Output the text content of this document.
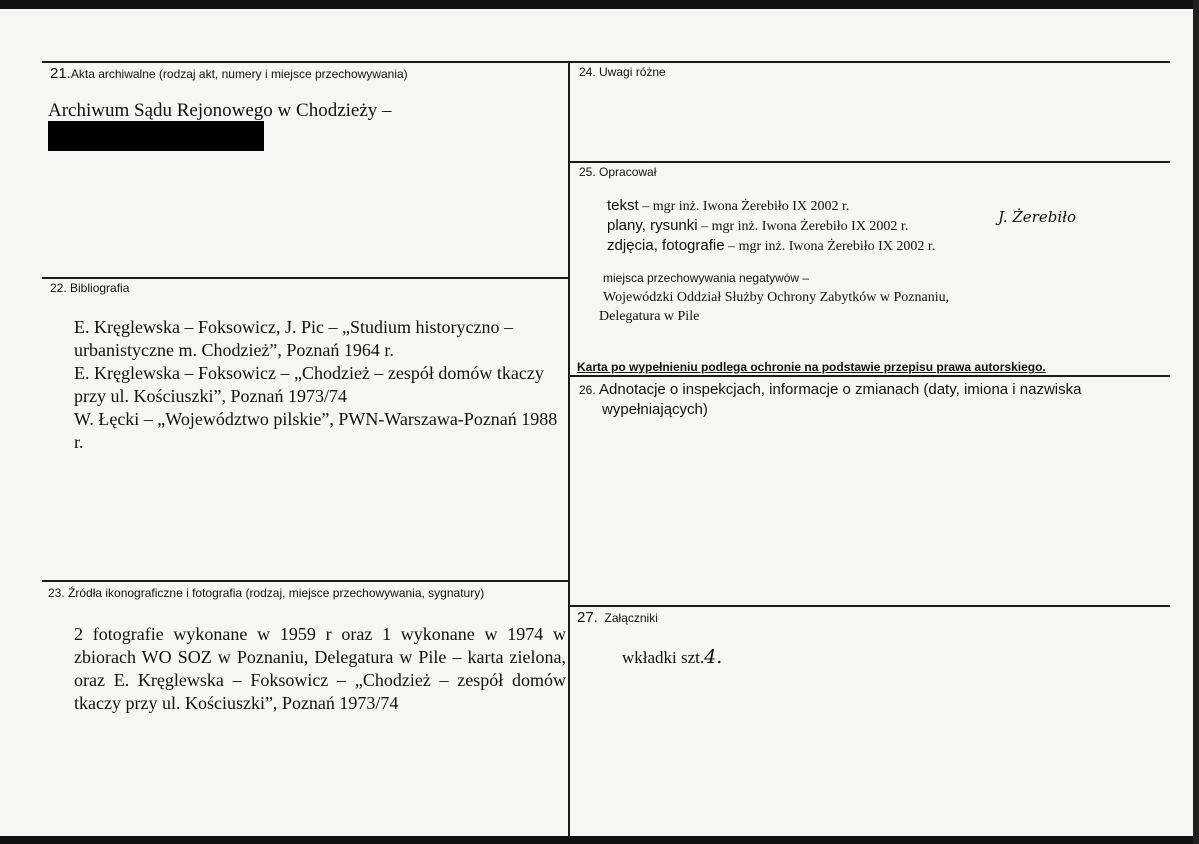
21.Akta archiwalne (rodzaj akt, numery i miejsce przechowywania)
Archiwum Sądu Rejonowego w Chodzieży –
22. Bibliografia
E. Kręglewska – Foksowicz, J. Pic – „Studium historyczno – urbanistyczne m. Chodzież”, Poznań 1964 r.
E. Kręglewska – Foksowicz – „Chodzież – zespół domów tkaczy przy ul. Kościuszki”, Poznań 1973/74
W. Łęcki – „Województwo pilskie”, PWN-Warszawa-Poznań 1988 r.
23. Źródła ikonograficzne i fotografia (rodzaj, miejsce przechowywania, sygnatury)
2 fotografie wykonane w 1959 r oraz 1 wykonane w 1974 w zbiorach WO SOZ w Poznaniu, Delegatura w Pile – karta zielona, oraz E. Kręglewska – Foksowicz – „Chodzież – zespół domów tkaczy przy ul. Kościuszki”, Poznań 1973/74
24. Uwagi różne
25. Opracował
tekst – mgr inż. Iwona Żerebiło IX 2002 r.
plany, rysunki – mgr inż. Iwona Żerebiło IX 2002 r.
zdjęcia, fotografie – mgr inż. Iwona Żerebiło IX 2002 r.
J. Żerebiło
miejsca przechowywania negatywów –
Wojewódzki Oddział Służby Ochrony Zabytków w Poznaniu,
Delegatura w Pile
Karta po wypełnieniu podlega ochronie na podstawie przepisu prawa autorskiego.
26. Adnotacje o inspekcjach, informacje o zmianach (daty, imiona i nazwiska
wypełniających)
27. Załączniki
wkładki szt.4.
